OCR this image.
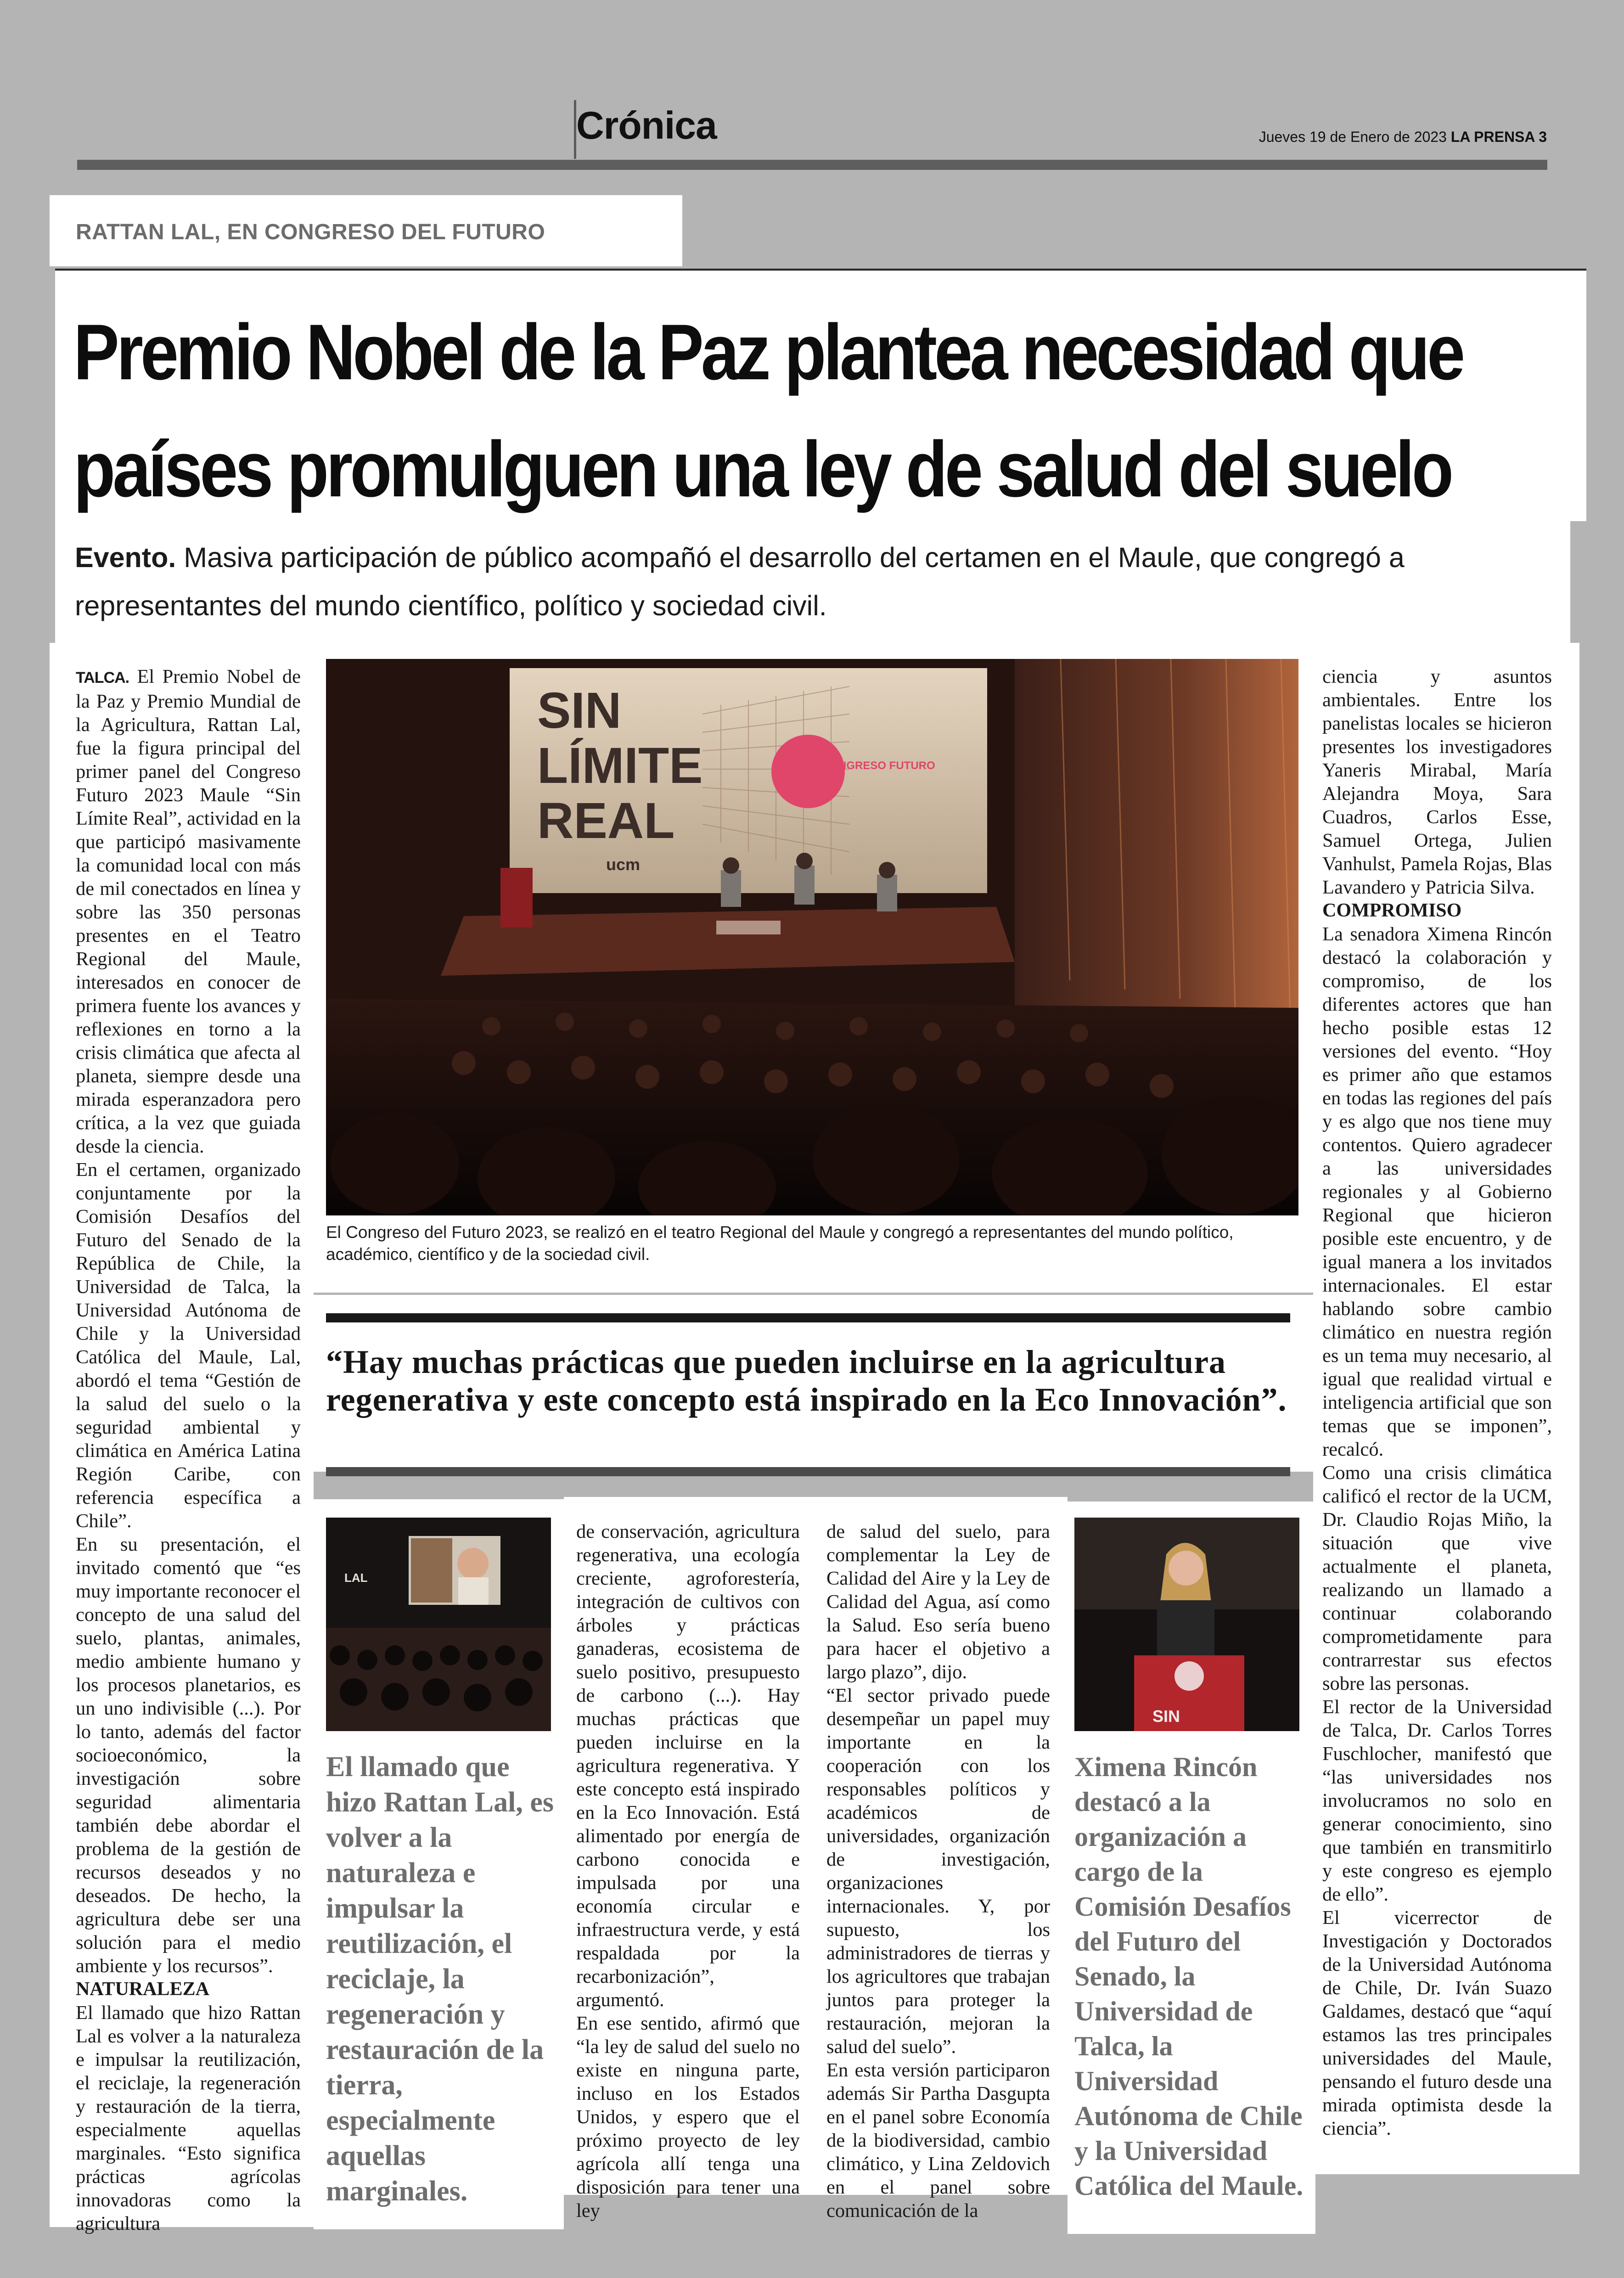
Crónica	Jueves 19 de Enero de 2023 LA PRENSA 3
RATTAN LAL, EN CONGRESO DEL FUTURO
Premio Nobel de la Paz plantea necesidad que
países promulguen una ley de salud del suelo
Evento. Masiva participación de público acompañó el desarrollo del certamen en el Maule, que congregó a representantes del mundo científico, político y sociedad civil.

TALCA. El Premio Nobel de la Paz y Premio Mundial de la Agricultura, Rattan Lal, fue la figura principal del primer panel del Congreso Futuro 2023 Maule “Sin Límite Real”, actividad en la que participó masivamente la comunidad local con más de mil conectados en línea y sobre las 350 personas presentes en el Teatro Regional del Maule, interesados en conocer de primera fuente los avances y reflexiones en torno a la crisis climática que afecta al planeta, siempre desde una mirada esperanzadora pero crítica, a la vez que guiada desde la ciencia.

En el certamen, organizado conjuntamente por la Comisión Desafíos del Futuro del Senado de la República de Chile, la Universidad de Talca, la Universidad Autónoma de Chile y la Universidad Católica del Maule, Lal, abordó el tema “Gestión de la salud del suelo o la seguridad ambiental y climática en América Latina Región Caribe, con referencia específica a Chile”.

En su presentación, el invitado comentó que “es muy importante reconocer el concepto de una salud del suelo, plantas, animales, medio ambiente humano y los procesos planetarios, es un uno indivisible (...). Por lo tanto, además del factor socioeconómico, la investigación sobre seguridad alimentaria también debe abordar el problema de la gestión de recursos deseados y no deseados. De hecho, la agricultura debe ser una solución para el medio ambiente y los recursos”.

NATURALEZA

El llamado que hizo Rattan Lal es volver a la naturaleza e impulsar la reutilización, el reciclaje, la regeneración y restauración de la tierra, especialmente aquellas marginales. “Esto significa prácticas agrícolas innovadoras como la agricultura

SIN
LÍMITE
REAL
CONGRESO FUTURO
ucm
El Congreso del Futuro 2023, se realizó en el teatro Regional del Maule y congregó a representantes del mundo político, académico, científico y de la sociedad civil.
“Hay muchas prácticas que pueden incluirse en la agricultura regenerativa y este concepto está inspirado en la Eco Innovación”.
LAL
El llamado que hizo Rattan Lal, es volver a la naturaleza e impulsar la reutilización, el reciclaje, la regeneración y restauración de la tierra, especialmente aquellas marginales.

de conservación, agricultura regenerativa, una ecología creciente, agroforestería, integración de cultivos con árboles y prácticas ganaderas, ecosistema de suelo positivo, presupuesto de carbono (...). Hay muchas prácticas que pueden incluirse en la agricultura regenerativa. Y este concepto está inspirado en la Eco Innovación. Está alimentado por energía de carbono conocida e impulsada por una economía circular e infraestructura verde, y está respaldada por la recarbonización”, argumentó.

En ese sentido, afirmó que “la ley de salud del suelo no existe en ninguna parte, incluso en los Estados Unidos, y espero que el próximo proyecto de ley agrícola allí tenga una disposición para tener una ley

de salud del suelo, para complementar la Ley de Calidad del Aire y la Ley de Calidad del Agua, así como la Salud. Eso sería bueno para hacer el objetivo a largo plazo”, dijo.

“El sector privado puede desempeñar un papel muy importante en la cooperación con los responsables políticos y académicos de universidades, organización de investigación, organizaciones internacionales. Y, por supuesto, los administradores de tierras y los agricultores que trabajan juntos para proteger la restauración, mejoran la salud del suelo”.

En esta versión participaron además Sir Partha Dasgupta en el panel sobre Economía de la biodiversidad, cambio climático, y Lina Zeldovich en el panel sobre comunicación de la

SIN
Ximena Rincón destacó a la organización a cargo de la Comisión Desafíos del Futuro del Senado, la Universidad de Talca, la Universidad Autónoma de Chile y la Universidad Católica del Maule.

ciencia y asuntos ambientales. Entre los panelistas locales se hicieron presentes los investigadores Yaneris Mirabal, María Alejandra Moya, Sara Cuadros, Carlos Esse, Samuel Ortega, Julien Vanhulst, Pamela Rojas, Blas Lavandero y Patricia Silva.

COMPROMISO

La senadora Ximena Rincón destacó la colaboración y compromiso, de los diferentes actores que han hecho posible estas 12 versiones del evento. “Hoy es primer año que estamos en todas las regiones del país y es algo que nos tiene muy contentos. Quiero agradecer a las universidades regionales y al Gobierno Regional que hicieron posible este encuentro, y de igual manera a los invitados internacionales. El estar hablando sobre cambio climático en nuestra región es un tema muy necesario, al igual que realidad virtual e inteligencia artificial que son temas que se imponen”, recalcó.

Como una crisis climática calificó el rector de la UCM, Dr. Claudio Rojas Miño, la situación que vive actualmente el planeta, realizando un llamado a continuar colaborando comprometidamente para contrarrestar sus efectos sobre las personas.

El rector de la Universidad de Talca, Dr. Carlos Torres Fuschlocher, manifestó que “las universidades nos involucramos no solo en generar conocimiento, sino que también en transmitirlo y este congreso es ejemplo de ello”.

El vicerrector de Investigación y Doctorados de la Universidad Autónoma de Chile, Dr. Iván Suazo Galdames, destacó que “aquí estamos las tres principales universidades del Maule, pensando el futuro desde una mirada optimista desde la ciencia”.
